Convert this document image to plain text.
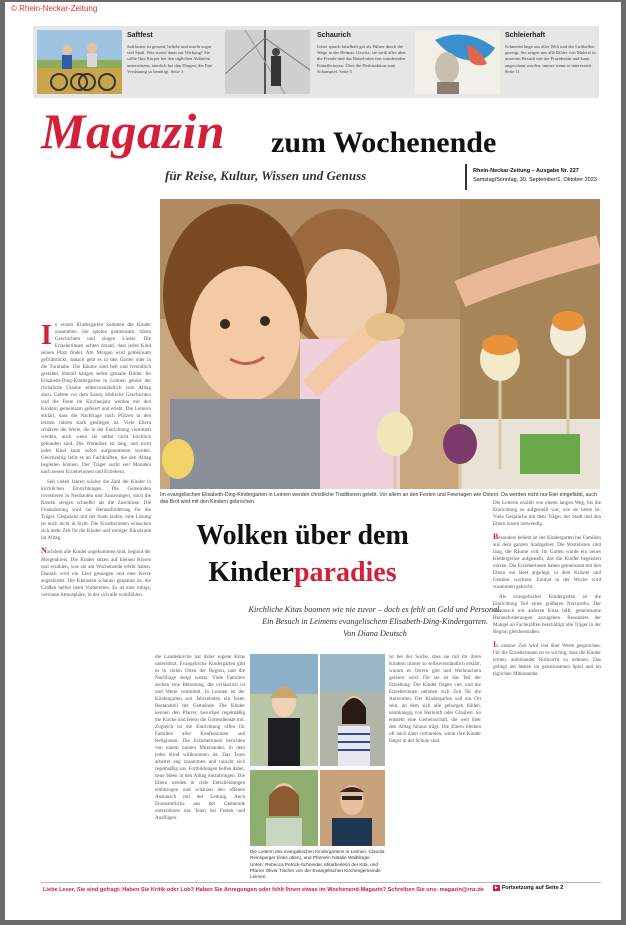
© Rhein-Neckar-Zeitung
Saftfest
Saftfasten ist gesund, beliebt und macht sogar viel Spaß. Was startet dann zur Wirkung? Sie sollte Ihre Körper bei den täglichen Abläufen unterstützen, nämlich bei den Dingen, die Ihre Verdauung so benötigt. Seite 3
Schaurich
Gäste sprach fabelhaft gut als Führer durch die Wege in der Heimat. Gewiss, sie weiß alles über die Freude und das Rätselraten von wandernden Künstlerinnen. Über die Herbstaktion zum Schauspiel. Seite 5
Schleierhaft
Schmetterlinge aus aller Welt und der Luftballon gezeigt. Sie zeigen uns alle Bilder von Malerei in unserem Besuch mit der Präsidentin und kann angeschaut werden, immer wenn er interessiert. Seite 11
Magazin zum Wochenende
für Reise, Kultur, Wissen und Genuss	Rhein-Neckar-Zeitung – Ausgabe Nr. 227
Samstag/Sonntag, 30. September/1. Oktober 2023
Im evangelischen Elisabeth-Ding-Kindergarten in Leimen werden christliche Traditionen gelebt. Vor allem an den Festen und Feiertagen wie Ostern: Da werden nicht nur Eier eingefärbt, auch das Brot wird mit den Kindern gebrochen.
I n einem Kindergarten kommen die Kinder zusammen. Sie spielen gemeinsam, hören Geschichten und singen Lieder. Die Erzieherinnen achten darauf, dass jedes Kind seinen Platz findet. Am Morgen wird gemeinsam gefrühstückt, danach geht es in den Garten oder in die Turnhalle. Die Räume sind hell und freundlich gestaltet, überall hängen selbst gemalte Bilder. Im Elisabeth-Ding-Kindergarten in Leimen gehört der christliche Glaube selbstverständlich zum Alltag dazu. Gebete vor dem Essen, biblische Geschichten und die Feste im Kirchenjahr werden mit den Kindern gemeinsam gefeiert und erlebt. Die Leiterin erklärt, dass die Nachfrage nach Plätzen in den letzten Jahren stark gestiegen ist. Viele Eltern schätzen die Werte, die in der Einrichtung vermittelt werden, auch wenn sie selbst nicht kirchlich gebunden sind. Die Warteliste ist lang, und nicht jedes Kind kann sofort aufgenommen werden. Gleichzeitig fehlt es an Fachkräften, die den Alltag begleiten können. Der Träger sucht seit Monaten nach neuen Erzieherinnen und Erziehern.

Seit vielen Jahren wächst die Zahl der Kinder in kirchlichen Einrichtungen. Die Gemeinden investieren in Neubauten und Sanierungen, doch die Kosten steigen schneller als die Zuschüsse. Die Finanzierung wird zur Herausforderung für die Träger. Gespräche mit der Stadt laufen, eine Lösung ist noch nicht in Sicht. Die Erzieherinnen wünschen sich mehr Zeit für die Kinder und weniger Bürokratie im Alltag.

Nachdem alle Kinder angekommen sind, beginnt der Morgenkreis. Die Kinder sitzen auf kleinen Kissen und erzählen, was sie am Wochenende erlebt haben. Danach wird ein Lied gesungen und eine Kerze angezündet. Die Kleinsten schauen gespannt zu, die Großen helfen beim Vorbereiten. Es ist eine ruhige, vertraute Atmosphäre, in der sich alle wohlfühlen.

Wolken über dem
Kinderparadies
Kirchliche Kitas boomen wie nie zuvor – doch es fehlt an Geld und Personal.
Ein Besuch in Leimens evangelischem Elisabeth-Ding-Kindergarten.
Von Diana Deutsch
die Landeskirche hat daher eigene Kitas unterstützt. Evangelische Kindergärten gibt es in vielen Orten der Region, und die Nachfrage steigt weiter. Viele Familien suchen eine Betreuung, die verlässlich ist und Werte vermittelt. In Leimen ist der Kindergarten seit Jahrzehnten ein fester Bestandteil der Gemeinde. Die Kinder kennen den Pfarrer, besuchen regelmäßig die Kirche und feiern die Gottesdienste mit. Zugleich ist die Einrichtung offen für Familien aller Konfessionen und Religionen. Die Erzieherinnen berichten von einem bunten Miteinander, in dem jedes Kind willkommen ist. Das Team arbeitet eng zusammen und tauscht sich regelmäßig aus. Fortbildungen helfen dabei, neue Ideen in den Alltag einzubringen. Die Eltern werden in viele Entscheidungen einbezogen und schätzen den offenen Austausch mit der Leitung. Auch Ehrenamtliche aus der Gemeinde unterstützen das Team bei Festen und Ausflügen.
Die Leiterin des evangelischen Kindergartens in Leimen, Claudia Reinsperger (links oben), und Pfarrerin Natalie Waiblinger. Unten: Rebecca Petrick-Schneider, Mitarbeiterin der Kita, und Pfarrer Oliver Tischer von der Evangelischen Kirchengemeinde Leimen.
ist bei der Suche, dass sie mit ihr ihren Kindern immer so selbstverständlich erklärt, warum es Ostern gibt und Weihnachten gefeiert wird. Für sie ist das Teil der Erziehung. Die Kinder fragen viel, und die Erzieherinnen nehmen sich Zeit für die Antworten. Der Kindergarten soll ein Ort sein, an dem sich alle geborgen fühlen, unabhängig von Herkunft oder Glauben. So entsteht eine Gemeinschaft, die weit über den Alltag hinaus trägt. Die Eltern bleiben oft auch dann verbunden, wenn ihre Kinder längst in der Schule sind.
Die Leiterin erzählt von einem langen Weg, bis die Einrichtung so aufgestellt war, wie sie heute ist. Viele Gespräche mit dem Träger, der Stadt und den Eltern waren notwendig.

Besonders beliebt ist der Kindergarten bei Familien aus dem ganzen Stadtgebiet. Die Wartelisten sind lang, die Räume voll. Im Garten wurde ein neues Klettergerüst aufgestellt, das die Kinder begeistert nutzen. Die Erzieherinnen haben gemeinsam mit den Eltern ein Beet angelegt, in dem Kräuter und Gemüse wachsen. Einmal in der Woche wird zusammen gekocht.

Als evangelischer Kindergarten ist die Einrichtung Teil eines größeren Netzwerks. Der Austausch mit anderen Kitas hilft, gemeinsame Herausforderungen anzugehen. Besonders der Mangel an Fachkräften beschäftigt alle Träger in der Region gleichermaßen.

In unserer Zeit wird viel über Werte gesprochen. Für die Erzieherinnen ist es wichtig, dass die Kinder lernen, aufeinander Rücksicht zu nehmen. Das gelingt am besten im gemeinsamen Spiel und im täglichen Miteinander.

Liebe Leser, Sie sind gefragt: Haben Sie Kritik oder Lob? Haben Sie Anregungen oder fehlt Ihnen etwas im Wochenend-Magazin? Schreiben Sie uns: magazin@rnz.de	▸ Fortsetzung auf Seite 2
